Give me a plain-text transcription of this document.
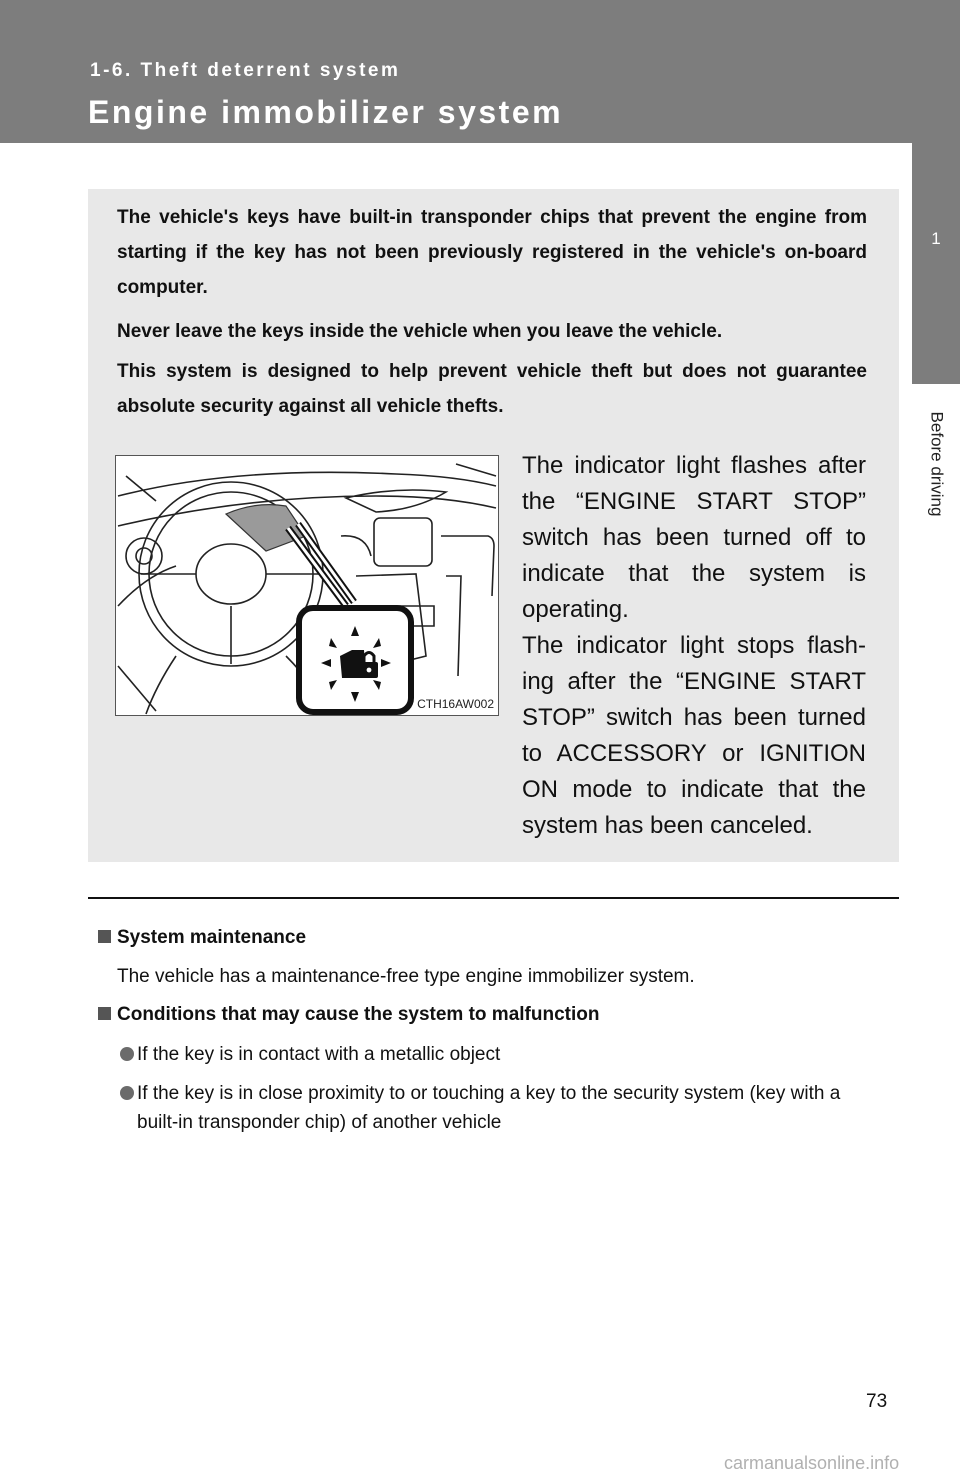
1-6. Theft deterrent system
Engine immobilizer system
1
Before driving

The vehicle's keys have built-in transponder chips that prevent the engine from starting if the key has not been previously registered in the vehicle's on-board computer.

Never leave the keys inside the vehicle when you leave the vehicle.

This system is designed to help prevent vehicle theft but does not guarantee absolute security against all vehicle thefts.

CTH16AW002

The indicator light flashes after the “ENGINE START STOP” switch has been turned off to indicate that the system is operating.

The indicator light stops flash-ing after the “ENGINE START STOP” switch has been turned to ACCESSORY or IGNITION ON mode to indicate that the system has been canceled.

System maintenance

The vehicle has a maintenance-free type engine immobilizer system.

Conditions that may cause the system to malfunction

If the key is in contact with a metallic object
If the key is in close proximity to or touching a key to the security system (key with a built-in transponder chip) of another vehicle
73
carmanualsonline.info
